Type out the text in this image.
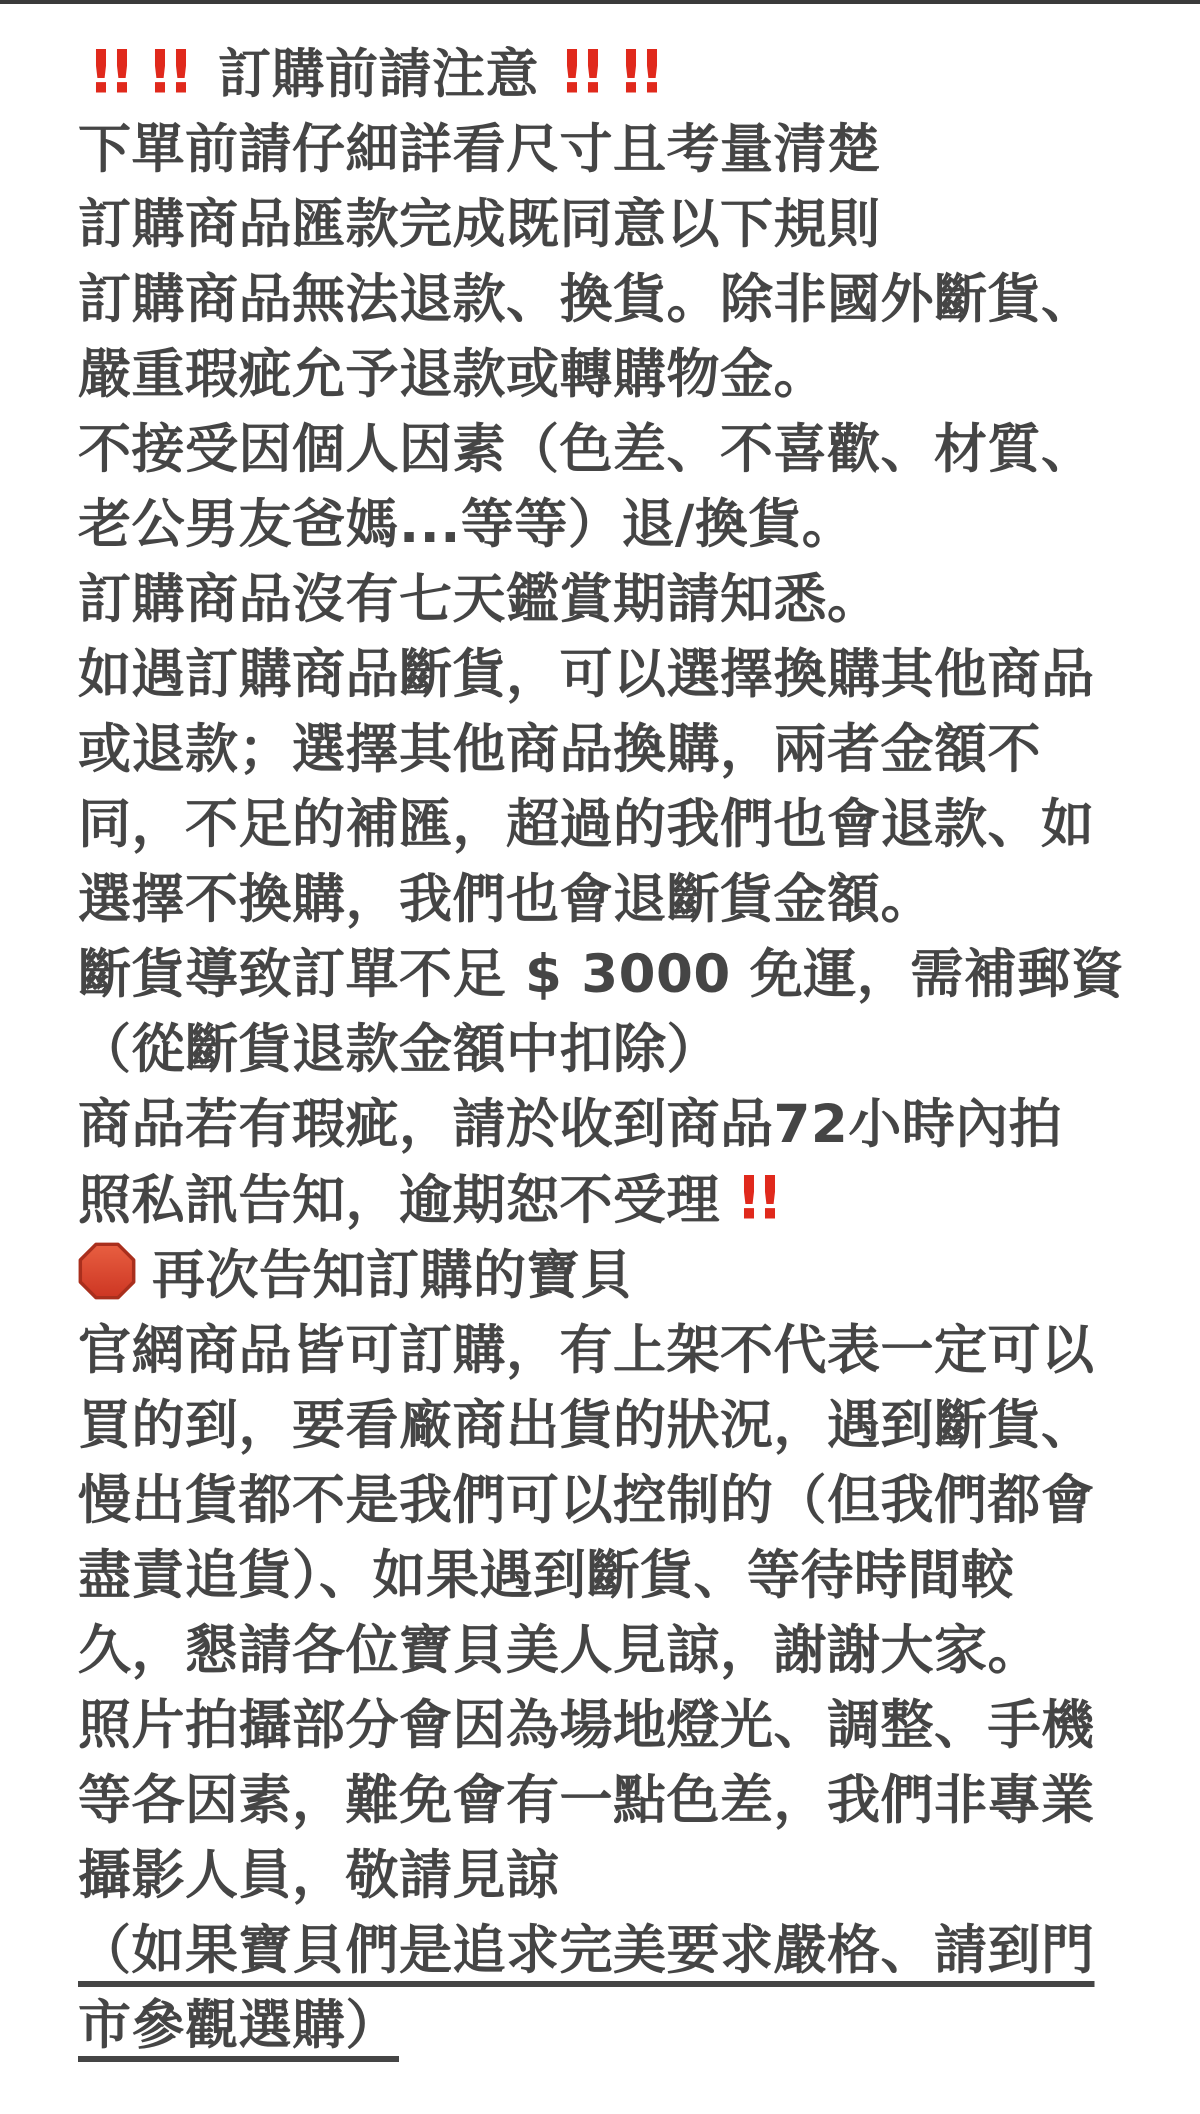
!! !! 訂購前請注意 !! !!

下單前請仔細詳看尺寸且考量清楚

訂購商品匯款完成既同意以下規則

訂購商品無法退款、換貨。除非國外斷貨、

嚴重瑕疵允予退款或轉購物金。

不接受因個人因素（色差、不喜歡、材質、

老公男友爸媽...等等）退/換貨。

訂購商品沒有七天鑑賞期請知悉。

如遇訂購商品斷貨，可以選擇換購其他商品

或退款；選擇其他商品換購，兩者金額不

同，不足的補匯，超過的我們也會退款、如

選擇不換購，我們也會退斷貨金額。

斷貨導致訂單不足 $ 3000 免運，需補郵資

（從斷貨退款金額中扣除）

商品若有瑕疵，請於收到商品72小時內拍

照私訊告知，逾期恕不受理 !!

再次告知訂購的寶貝

官網商品皆可訂購，有上架不代表一定可以

買的到，要看廠商出貨的狀況，遇到斷貨、

慢出貨都不是我們可以控制的（但我們都會

盡責追貨）、如果遇到斷貨、等待時間較

久，懇請各位寶貝美人見諒，謝謝大家。

照片拍攝部分會因為場地燈光、調整、手機

等各因素，難免會有一點色差，我們非專業

攝影人員，敬請見諒

（如果寶貝們是追求完美要求嚴格、請到門

市參觀選購）
